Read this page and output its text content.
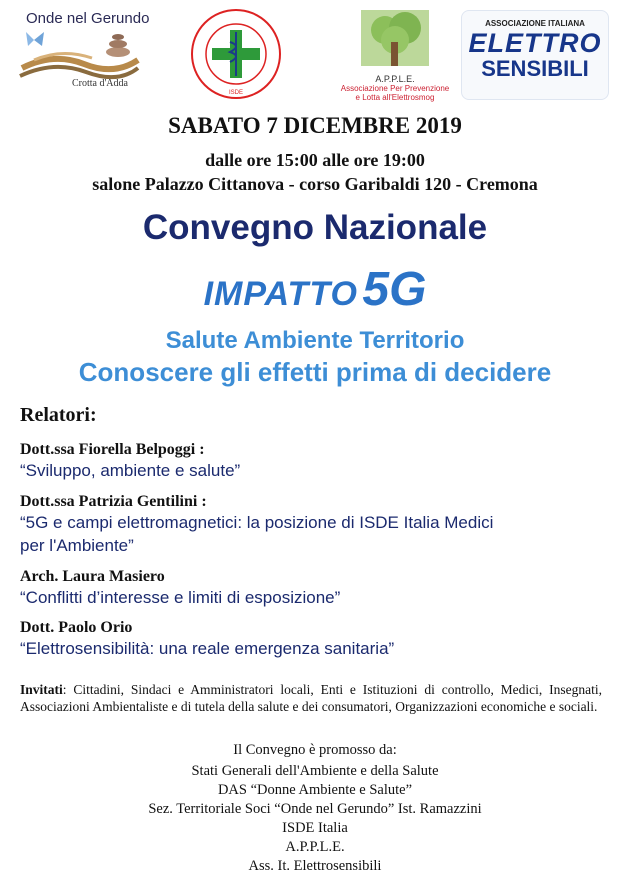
Onde nel Gerundo
Crotta d'Adda
ISDE
A.P.P.L.E.
Associazione Per Prevenzione
e Lotta all'Elettrosmog
ASSOCIAZIONE ITALIANA
ELETTRO
SENSIBILI
SABATO 7 DICEMBRE 2019
dalle ore 15:00 alle ore 19:00
salone Palazzo Cittanova - corso Garibaldi 120 - Cremona
Convegno Nazionale
IMPATTO 5G
Salute Ambiente Territorio
Conoscere gli effetti prima di decidere
Relatori:
Dott.ssa Fiorella Belpoggi :
“Sviluppo, ambiente e salute”
Dott.ssa Patrizia Gentilini :
“5G e campi elettromagnetici: la posizione di ISDE Italia Medici
per l'Ambiente”
Arch. Laura Masiero
“Conflitti d’interesse e limiti di esposizione”
Dott. Paolo Orio
“Elettrosensibilità: una reale emergenza sanitaria”
Invitati: Cittadini, Sindaci e Amministratori locali, Enti e Istituzioni di controllo, Medici, Insegnati, Associazioni Ambientaliste e di tutela della salute e dei consumatori, Organizzazioni economiche e sociali.
Il Convegno è promosso da:
Stati Generali dell'Ambiente e della Salute
DAS “Donne Ambiente e Salute”
Sez. Territoriale Soci “Onde nel Gerundo” Ist. Ramazzini
ISDE Italia
A.P.P.L.E.
Ass. It. Elettrosensibili
